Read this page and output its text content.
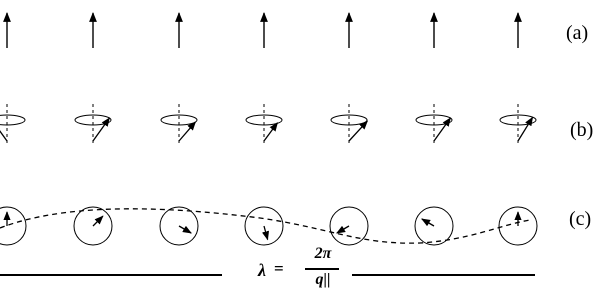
(a)
(b)
(c)
λ =
2π
q||
